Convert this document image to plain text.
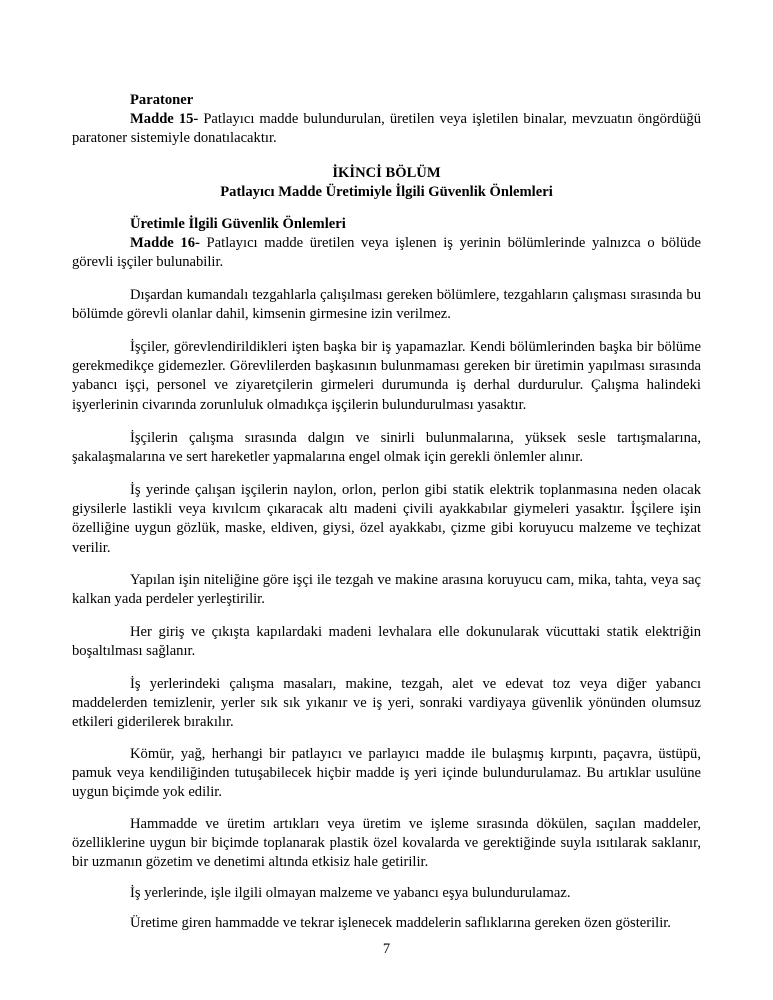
Paratoner

Madde 15- Patlayıcı madde bulundurulan, üretilen veya işletilen binalar, mevzuatın öngördüğü paratoner sistemiyle donatılacaktır.

İKİNCİ BÖLÜM
Patlayıcı Madde Üretimiyle İlgili Güvenlik Önlemleri
Üretimle İlgili Güvenlik Önlemleri

Madde 16- Patlayıcı madde üretilen veya işlenen iş yerinin bölümlerinde yalnızca o bölüde görevli işçiler bulunabilir.

Dışardan kumandalı tezgahlarla çalışılması gereken bölümlere, tezgahların çalışması sırasında bu bölümde görevli olanlar dahil, kimsenin girmesine izin verilmez.

İşçiler, görevlendirildikleri işten başka bir iş yapamazlar. Kendi bölümlerinden başka bir bölüme gerekmedikçe gidemezler. Görevlilerden başkasının bulunmaması gereken bir üretimin yapılması sırasında yabancı işçi, personel ve ziyaretçilerin girmeleri durumunda iş derhal durdurulur. Çalışma halindeki işyerlerinin civarında zorunluluk olmadıkça işçilerin bulundurulması yasaktır.

İşçilerin çalışma sırasında dalgın ve sinirli bulunmalarına, yüksek sesle tartışmalarına, şakalaşmalarına ve sert hareketler yapmalarına engel olmak için gerekli önlemler alınır.

İş yerinde çalışan işçilerin naylon, orlon, perlon gibi statik elektrik toplanmasına neden olacak giysilerle lastikli veya kıvılcım çıkaracak altı madeni çivili ayakkabılar giymeleri yasaktır. İşçilere işin özelliğine uygun gözlük, maske, eldiven, giysi, özel ayakkabı, çizme gibi koruyucu malzeme ve teçhizat verilir.

Yapılan işin niteliğine göre işçi ile tezgah ve makine arasına koruyucu cam, mika, tahta, veya saç kalkan yada perdeler yerleştirilir.

Her giriş ve çıkışta kapılardaki madeni levhalara elle dokunularak vücuttaki statik elektriğin boşaltılması sağlanır.

İş yerlerindeki çalışma masaları, makine, tezgah, alet ve edevat toz veya diğer yabancı maddelerden temizlenir, yerler sık sık yıkanır ve iş yeri, sonraki vardiyaya güvenlik yönünden olumsuz etkileri giderilerek bırakılır.

Kömür, yağ, herhangi bir patlayıcı ve parlayıcı madde ile bulaşmış kırpıntı, paçavra, üstüpü, pamuk veya kendiliğinden tutuşabilecek hiçbir madde iş yeri içinde bulundurulamaz. Bu artıklar usulüne uygun biçimde yok edilir.

Hammadde ve üretim artıkları veya üretim ve işleme sırasında dökülen, saçılan maddeler, özelliklerine uygun bir biçimde toplanarak plastik özel kovalarda ve gerektiğinde suyla ısıtılarak saklanır, bir uzmanın gözetim ve denetimi altında etkisiz hale getirilir.

İş yerlerinde, işle ilgili olmayan malzeme ve yabancı eşya bulundurulamaz.

Üretime giren hammadde ve tekrar işlenecek maddelerin saflıklarına gereken özen gösterilir.

7
